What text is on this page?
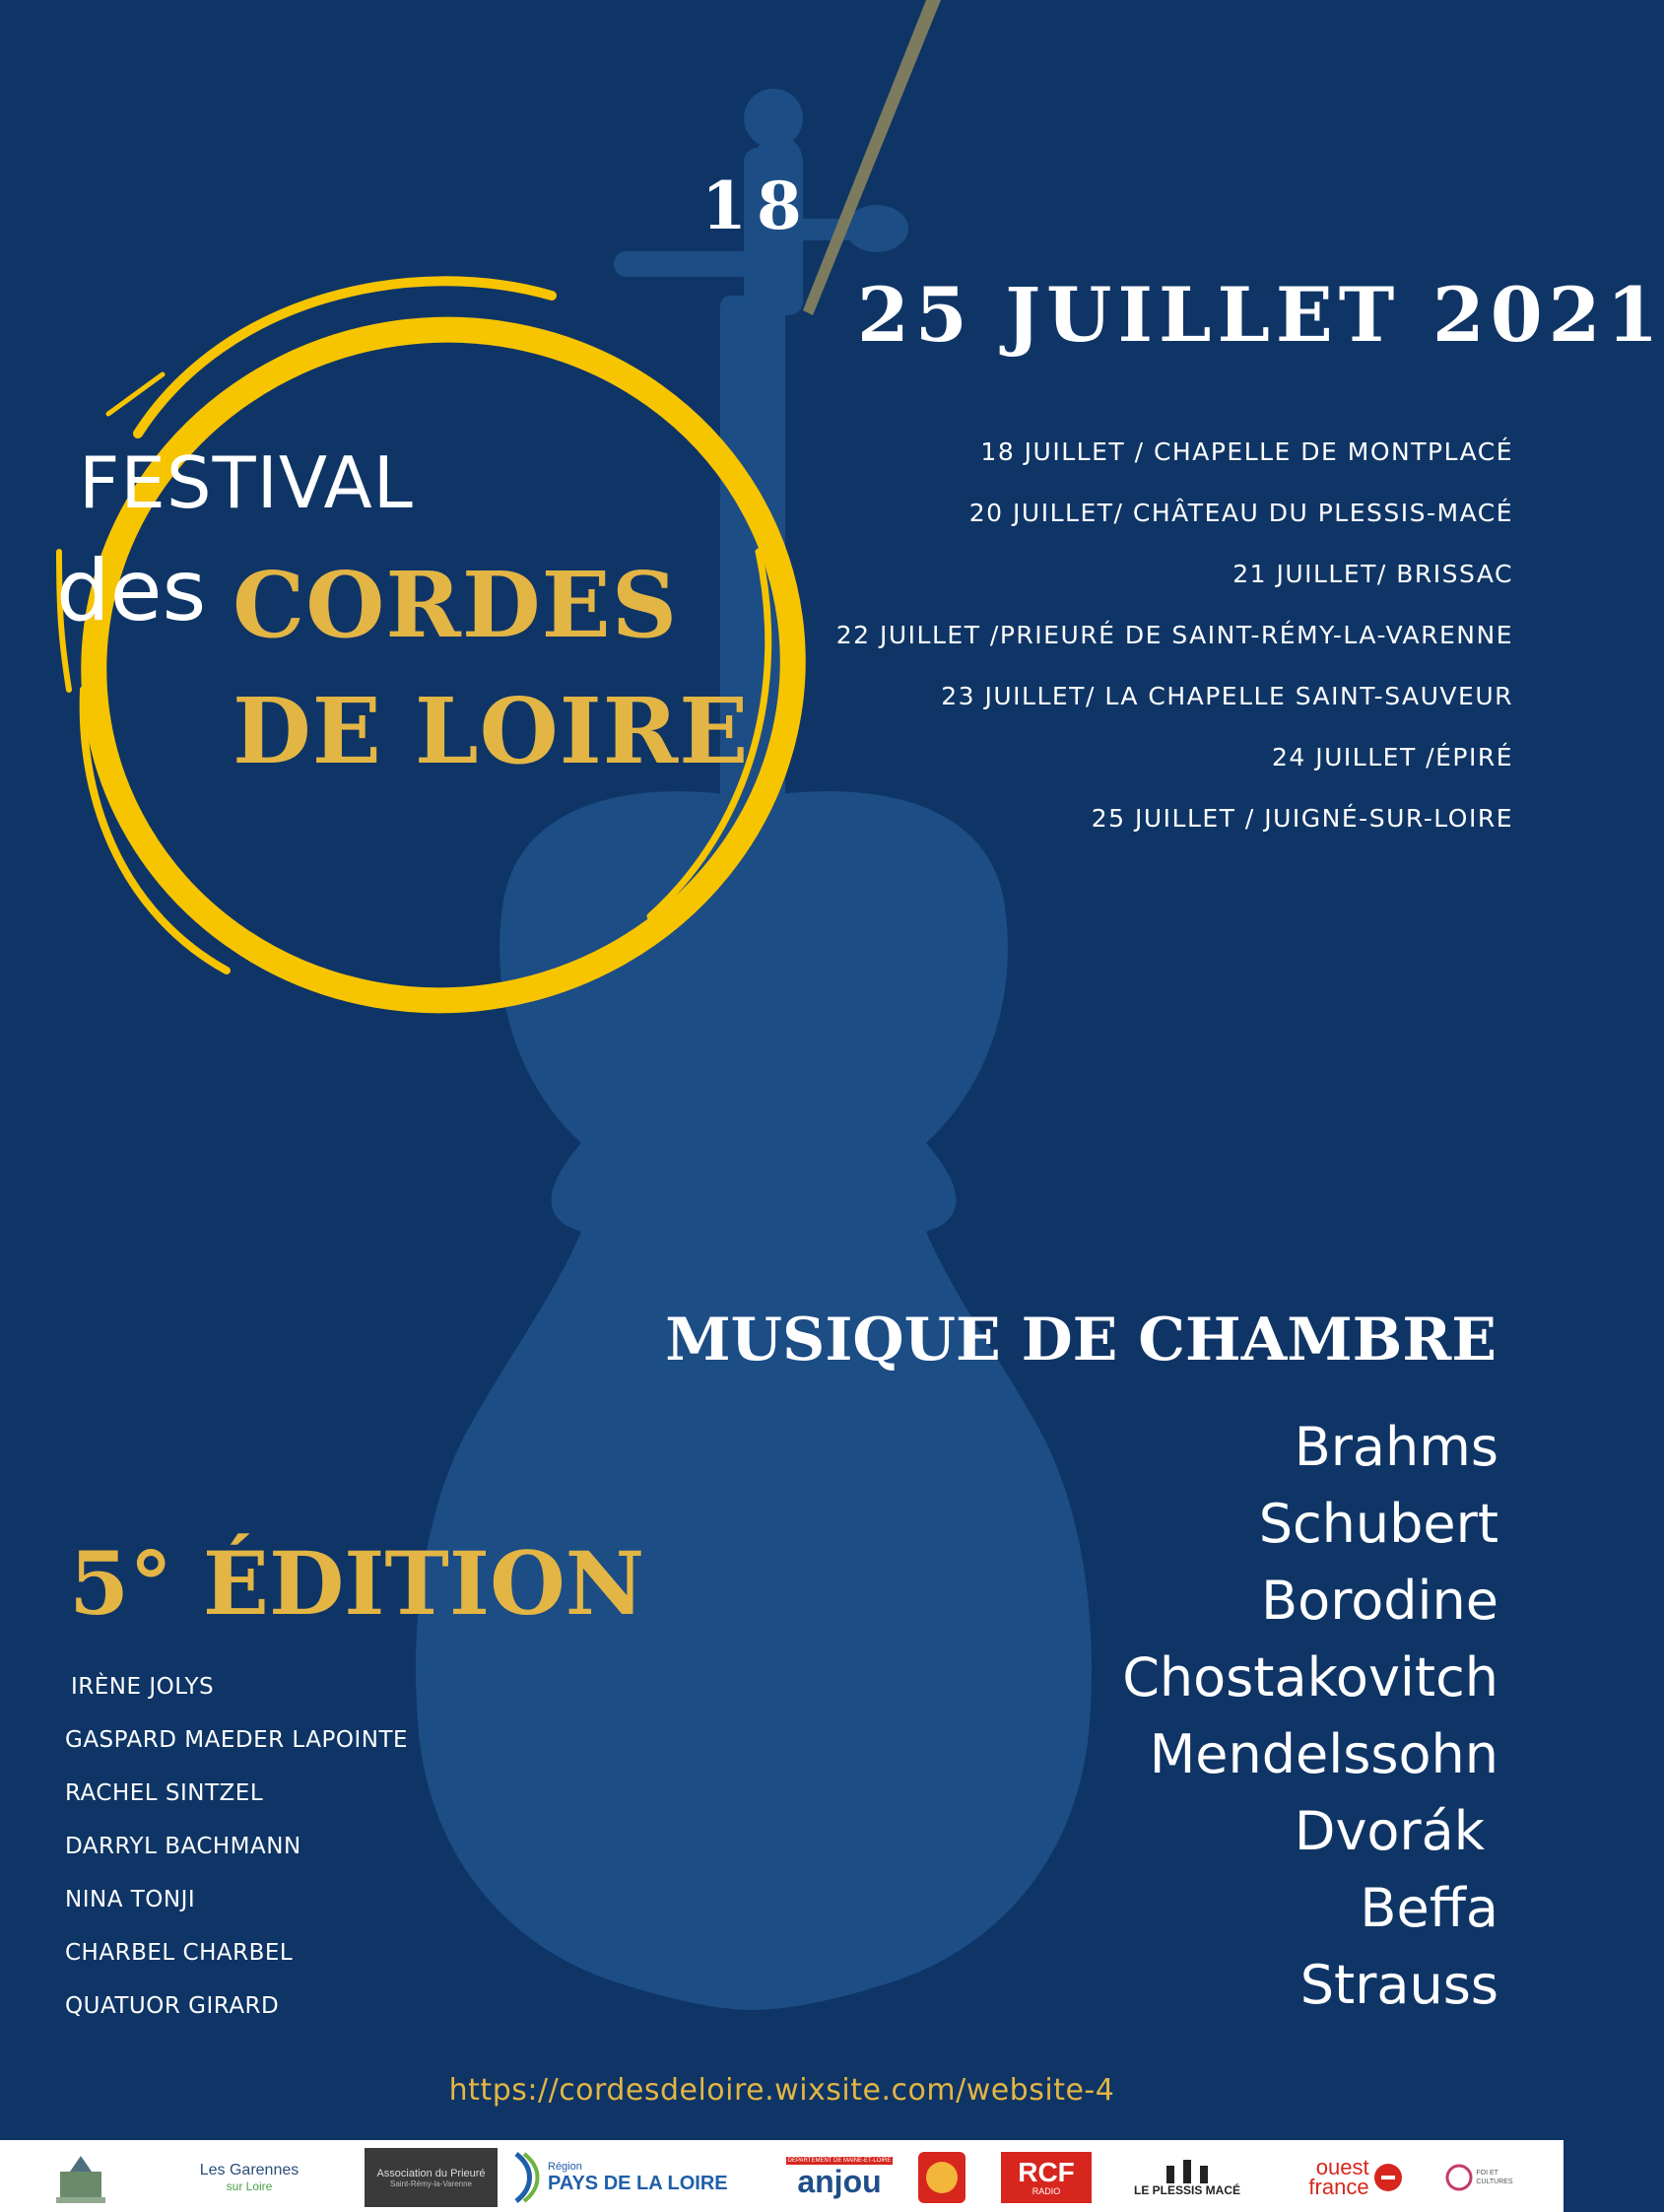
18
25 JUILLET 2021
FESTIVAL
des CORDES
DE LOIRE
18 JUILLET / CHAPELLE DE MONTPLACÉ
20 JUILLET/ CHÂTEAU DU PLESSIS-MACÉ
21 JUILLET/ BRISSAC
22 JUILLET /PRIEURÉ DE SAINT-RÉMY-LA-VARENNE
23 JUILLET/ LA CHAPELLE SAINT-SAUVEUR
24 JUILLET /ÉPIRÉ
25 JUILLET / JUIGNÉ-SUR-LOIRE
MUSIQUE DE CHAMBRE
Brahms
Schubert
Borodine
Chostakovitch
Mendelssohn
Dvorák
Beffa
Strauss
5° ÉDITION
IRÈNE JOLYS
GASPARD MAEDER LAPOINTE
RACHEL SINTZEL
DARRYL BACHMANN
NINA TONJI
CHARBEL CHARBEL
QUATUOR GIRARD
https://cordesdeloire.wixsite.com/website-4
Les Garennes
sur Loire
Association du Prieuré
Saint-Rémy-la-Varenne
Région
PAYS DE LA LOIRE
DÉPARTEMENT DE MAINE-ET-LOIRE
anjou	RCF
RADIO	LE PLESSIS MACÉ
ouest
france
FOI ET
CULTURES
